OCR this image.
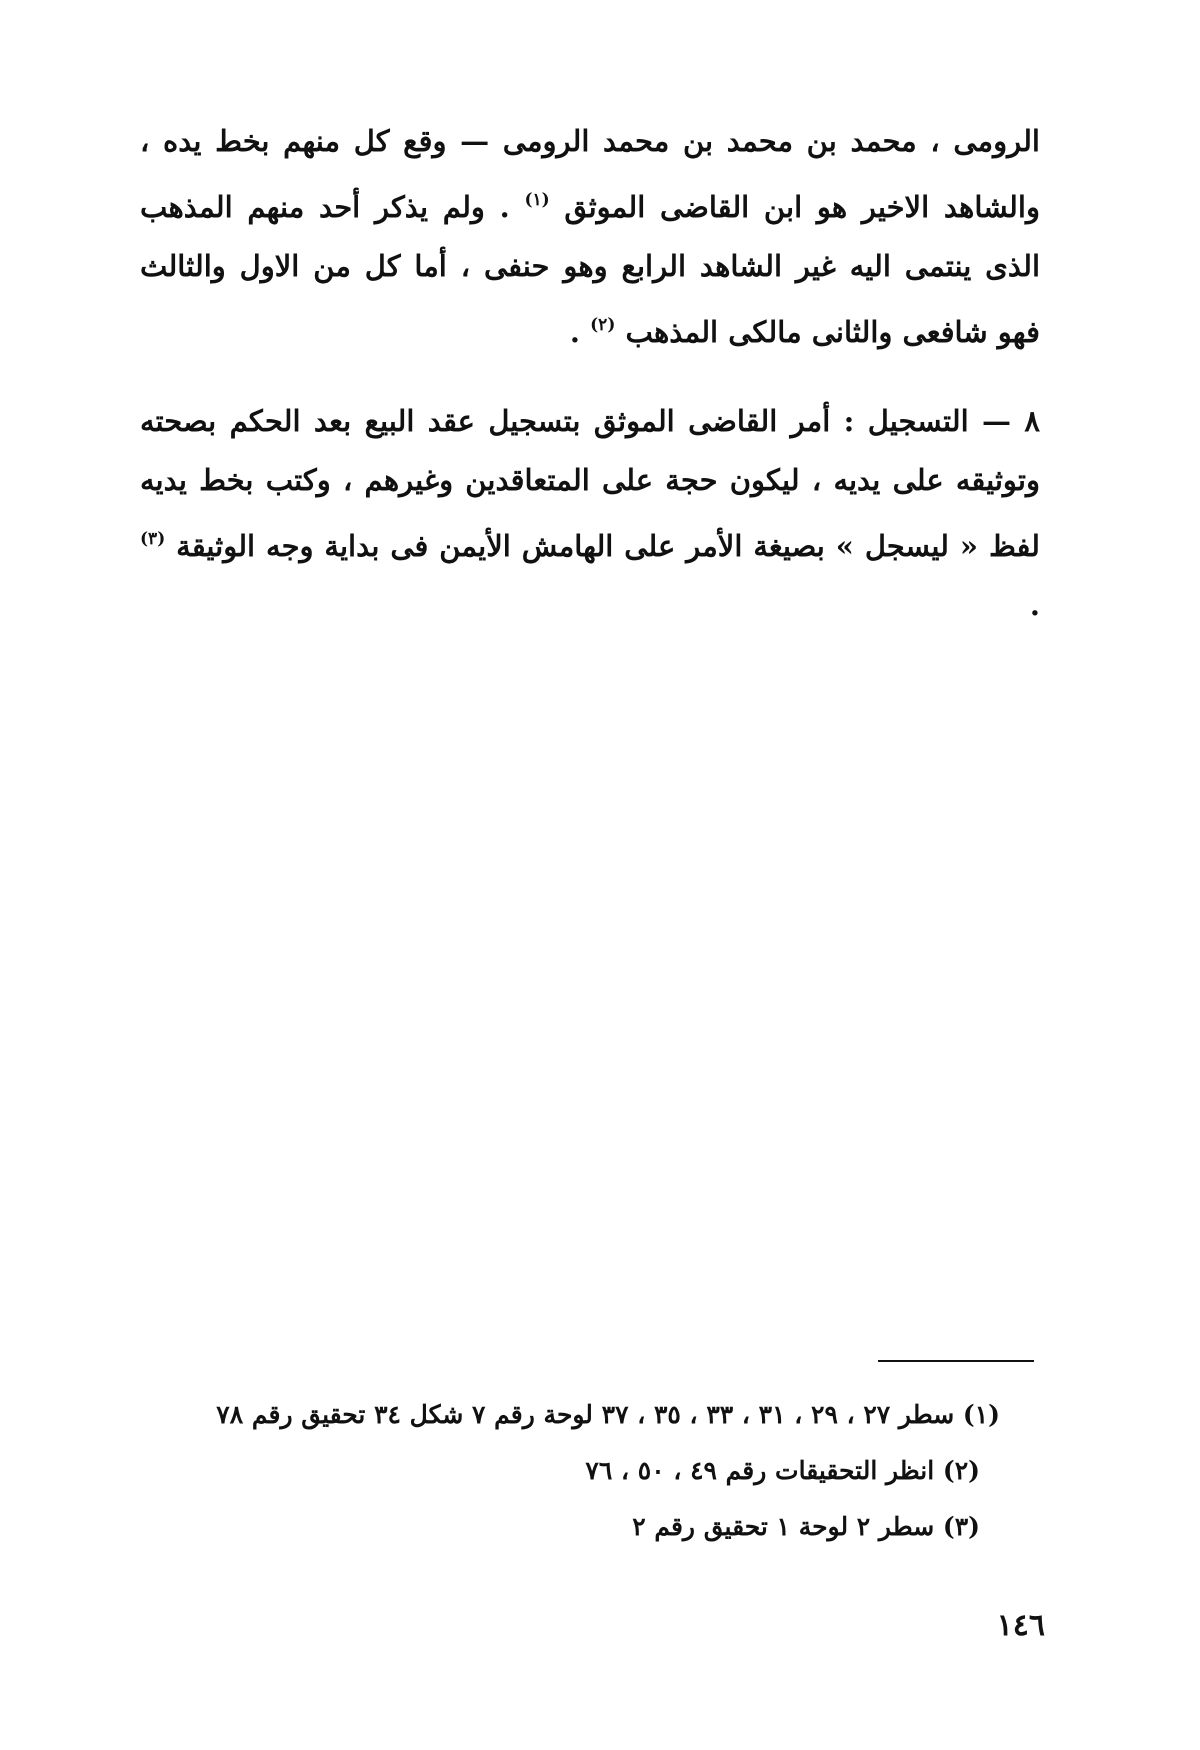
الرومى ، محمد بن محمد بن محمد الرومى — وقع كل منهم بخط يده ، والشاهد الاخير هو ابن القاضى الموثق $^{(١)}$ . ولم يذكر أحد منهم المذهب الذى ينتمى اليه غير الشاهد الرابع وهو حنفى ، أما كل من الاول والثالث فهو شافعى والثانى مالكى المذهب $^{(٢)}$ .

٨ — التسجيل : أمر القاضى الموثق بتسجيل عقد البيع بعد الحكم بصحته وتوثيقه على يديه ، ليكون حجة على المتعاقدين وغيرهم ، وكتب بخط يديه لفظ « ليسجل » بصيغة الأمر على الهامش الأيمن فى بداية وجه الوثيقة $^{(٣)}$ .

(١) سطر ٢٧ ، ٢٩ ، ٣١ ، ٣٣ ، ٣٥ ، ٣٧ لوحة رقم ٧ شكل ٣٤ تحقيق رقم ٧٨

(٢) انظر التحقيقات رقم ٤٩ ، ٥٠ ، ٧٦

(٣) سطر ٢ لوحة ١ تحقيق رقم ٢

١٤٦
